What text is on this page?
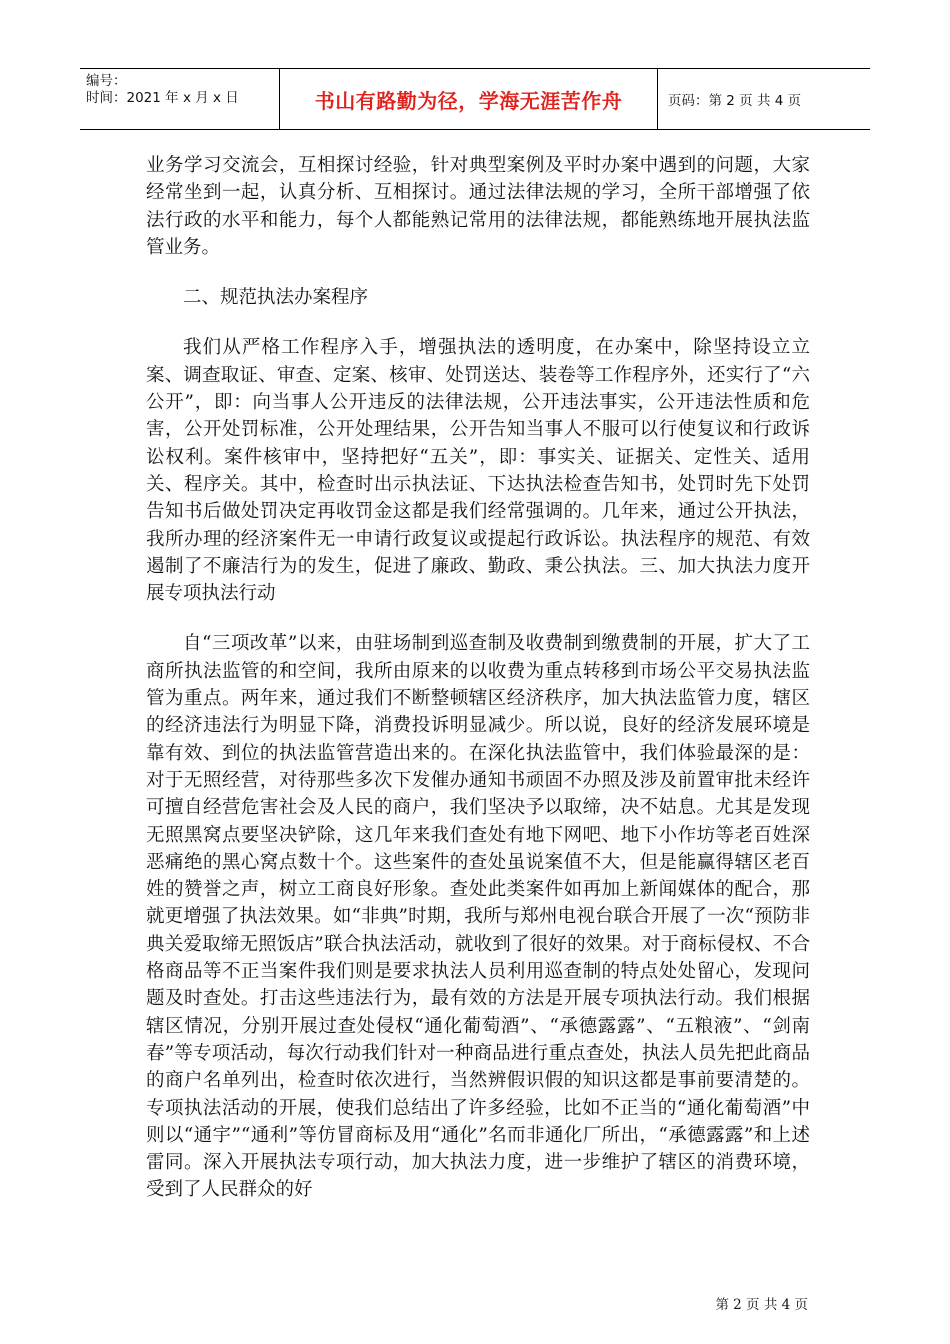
编号：
时间：2021 年 x 月 x 日	书山有路勤为径，学海无涯苦作舟	页码：第 2 页 共 4 页

业务学习交流会，互相探讨经验，针对典型案例及平时办案中遇到的问题，大家经常坐到一起，认真分析、互相探讨。通过法律法规的学习，全所干部增强了依法行政的水平和能力，每个人都能熟记常用的法律法规，都能熟练地开展执法监管业务。

二、规范执法办案程序

我们从严格工作程序入手，增强执法的透明度，在办案中，除坚持设立立案、调查取证、审查、定案、核审、处罚送达、装卷等工作程序外，还实行了“六公开”，即：向当事人公开违反的法律法规，公开违法事实，公开违法性质和危害，公开处罚标准，公开处理结果，公开告知当事人不服可以行使复议和行政诉讼权利。案件核审中，坚持把好“五关”，即：事实关、证据关、定性关、适用关、程序关。其中，检查时出示执法证、下达执法检查告知书，处罚时先下处罚告知书后做处罚决定再收罚金这都是我们经常强调的。几年来，通过公开执法，我所办理的经济案件无一申请行政复议或提起行政诉讼。执法程序的规范、有效遏制了不廉洁行为的发生，促进了廉政、勤政、秉公执法。三、加大执法力度开展专项执法行动

自“三项改革”以来，由驻场制到巡查制及收费制到缴费制的开展，扩大了工商所执法监管的和空间，我所由原来的以收费为重点转移到市场公平交易执法监管为重点。两年来，通过我们不断整顿辖区经济秩序，加大执法监管力度，辖区的经济违法行为明显下降，消费投诉明显减少。所以说，良好的经济发展环境是靠有效、到位的执法监管营造出来的。在深化执法监管中，我们体验最深的是：对于无照经营，对待那些多次下发催办通知书顽固不办照及涉及前置审批未经许可擅自经营危害社会及人民的商户，我们坚决予以取缔，决不姑息。尤其是发现无照黑窝点要坚决铲除，这几年来我们查处有地下网吧、地下小作坊等老百姓深恶痛绝的黑心窝点数十个。这些案件的查处虽说案值不大，但是能赢得辖区老百姓的赞誉之声，树立工商良好形象。查处此类案件如再加上新闻媒体的配合，那就更增强了执法效果。如“非典”时期，我所与郑州电视台联合开展了一次“预防非典关爱取缔无照饭店”联合执法活动，就收到了很好的效果。对于商标侵权、不合格商品等不正当案件我们则是要求执法人员利用巡查制的特点处处留心，发现问题及时查处。打击这些违法行为，最有效的方法是开展专项执法行动。我们根据辖区情况，分别开展过查处侵权“通化葡萄酒”、“承德露露”、“五粮液”、“剑南春”等专项活动，每次行动我们针对一种商品进行重点查处，执法人员先把此商品的商户名单列出，检查时依次进行，当然辨假识假的知识这都是事前要清楚的。专项执法活动的开展，使我们总结出了许多经验，比如不正当的“通化葡萄酒”中则以“通宇”“通利”等仿冒商标及用“通化”名而非通化厂所出，“承德露露”和上述雷同。深入开展执法专项行动，加大执法力度，进一步维护了辖区的消费环境，受到了人民群众的好

第 2 页 共 4 页
